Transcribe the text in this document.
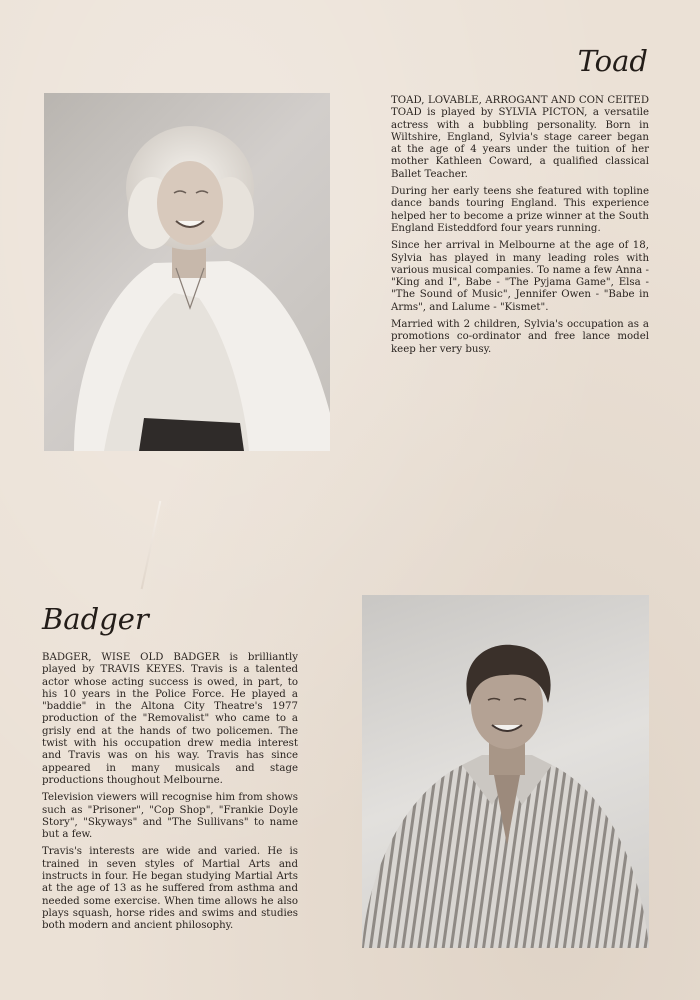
Toad

TOAD, LOVABLE, ARROGANT AND CON CEITED TOAD is played by SYLVIA PICTON, a versatile actress with a bubbling personality. Born in Wiltshire, England, Sylvia's stage career began at the age of 4 years under the tuition of her mother Kathleen Coward, a qualified classical Ballet Teacher.

During her early teens she featured with topline dance bands touring England. This experience helped her to become a prize winner at the South England Eisteddford four years running.

Since her arrival in Melbourne at the age of 18, Sylvia has played in many leading roles with various musical companies. To name a few Anna - "King and I", Babe - "The Pyjama Game", Elsa - "The Sound of Music", Jennifer Owen - "Babe in Arms", and Lalume - "Kismet".

Married with 2 children, Sylvia's occupation as a promotions co-ordinator and free lance model keep her very busy.

Badger

BADGER, WISE OLD BADGER is brilliantly played by TRAVIS KEYES. Travis is a talented actor whose acting success is owed, in part, to his 10 years in the Police Force. He played a "baddie" in the Altona City Theatre's 1977 production of the "Removalist" who came to a grisly end at the hands of two policemen. The twist with his occupation drew media interest and Travis was on his way. Travis has since appeared in many musicals and stage productions thoughout Melbourne.

Television viewers will recognise him from shows such as "Prisoner", "Cop Shop", "Frankie Doyle Story", "Skyways" and "The Sullivans" to name but a few.

Travis's interests are wide and varied. He is trained in seven styles of Martial Arts and instructs in four. He began studying Martial Arts at the age of 13 as he suffered from asthma and needed some exercise. When time allows he also plays squash, horse rides and swims and studies both modern and ancient philosophy.
